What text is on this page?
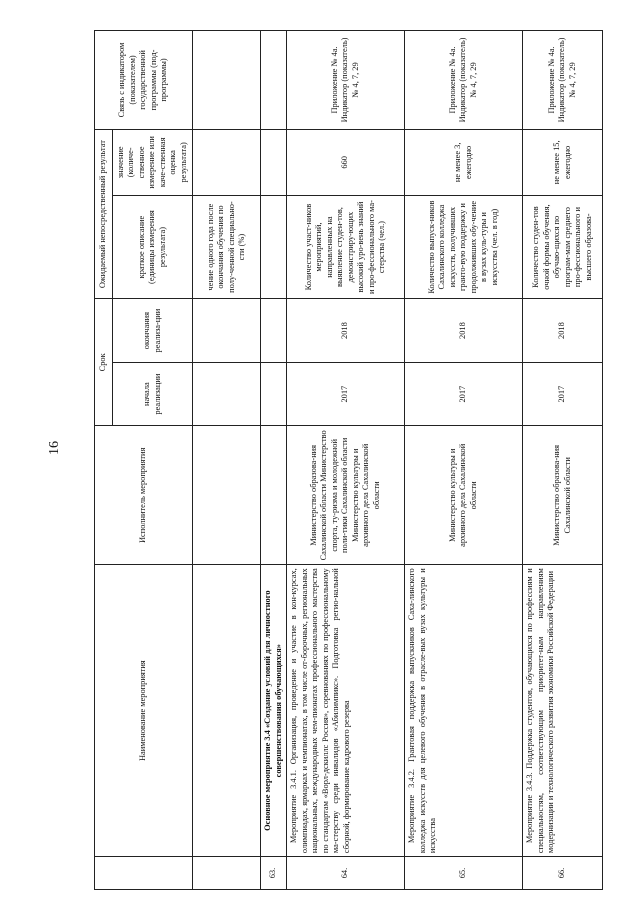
16
	Наименование мероприятия	Исполнитель мероприятия	Срок		Ожидаемый непосредственный результат		Связь с индикатором (показателем) государственной программы (под-программы)
			начала реализации	окончания реализа-ции	краткое описание (единицы измерения результата)	значение (количе-ственное измерение или каче-ственная оценка результата)	

					чение одного года после окончания обучения по полу-ченной специально-сти (%)		
63.	Основное мероприятие 3.4 «Создание условий для личностного совершенствования обучающихся»						
64.	Мероприятие 3.4.1. Организация, проведение и участие в кон-курсах, олимпиадах, ярмарках и чемпионатах, в том числе от-борочных, региональных национальных, международных чем-пионатах профессионального мастерства по стандартам «Ворл-дскиллс Россия», соревнованиях по профессиональному ма-стерству среди инвалидов «Абилимпикс». Подготовка регио-нальной сборной, формирование кадрового резерва	Министерство образова-ния Сахалинской области Министерство спорта, ту-ризма и молодежной поли-тики Сахалинской области Министерство культуры и архивного дела Сахалинской области	2017	2018	Количество участ-ников мероприятий, направленных на выявление студен-тов, демонстриру-ющих высокий уро-вень знаний и про-фессионального ма-стерства (чел.)	660	Приложение № 4а. Индикатор (показатель) № 4, 7, 29
65.	Мероприятие 3.4.2. Грантовая поддержка выпускников Саха-линского колледжа искусств для целевого обучения в отрасле-вых вузах культуры и искусства	Министерство культуры и архивного дела Сахалинской области	2017	2018	Количество выпуск-ников Сахалинского колледжа искусств, получивших гранто-вую поддержку и продолживших обу-чение в вузах куль-туры и искусства (чел. в год)	не менее 3, ежегодно	Приложение № 4а. Индикатор (показатель) № 4, 7, 29
66.	Мероприятие 3.4.3. Поддержка студентов, обучающихся по профессиям и специальностям, соответствующим приоритет-ным направлениям модернизации и технологического развития экономики Российской Федерации	Министерство образова-ния Сахалинской области	2017	2018	Количество студен-тов очной формы обучения, обучаю-щихся по програм-мам среднего про-фессионального и высшего образова-	не менее 15, ежегодно	Приложение № 4а. Индикатор (показатель) № 4, 7, 29
